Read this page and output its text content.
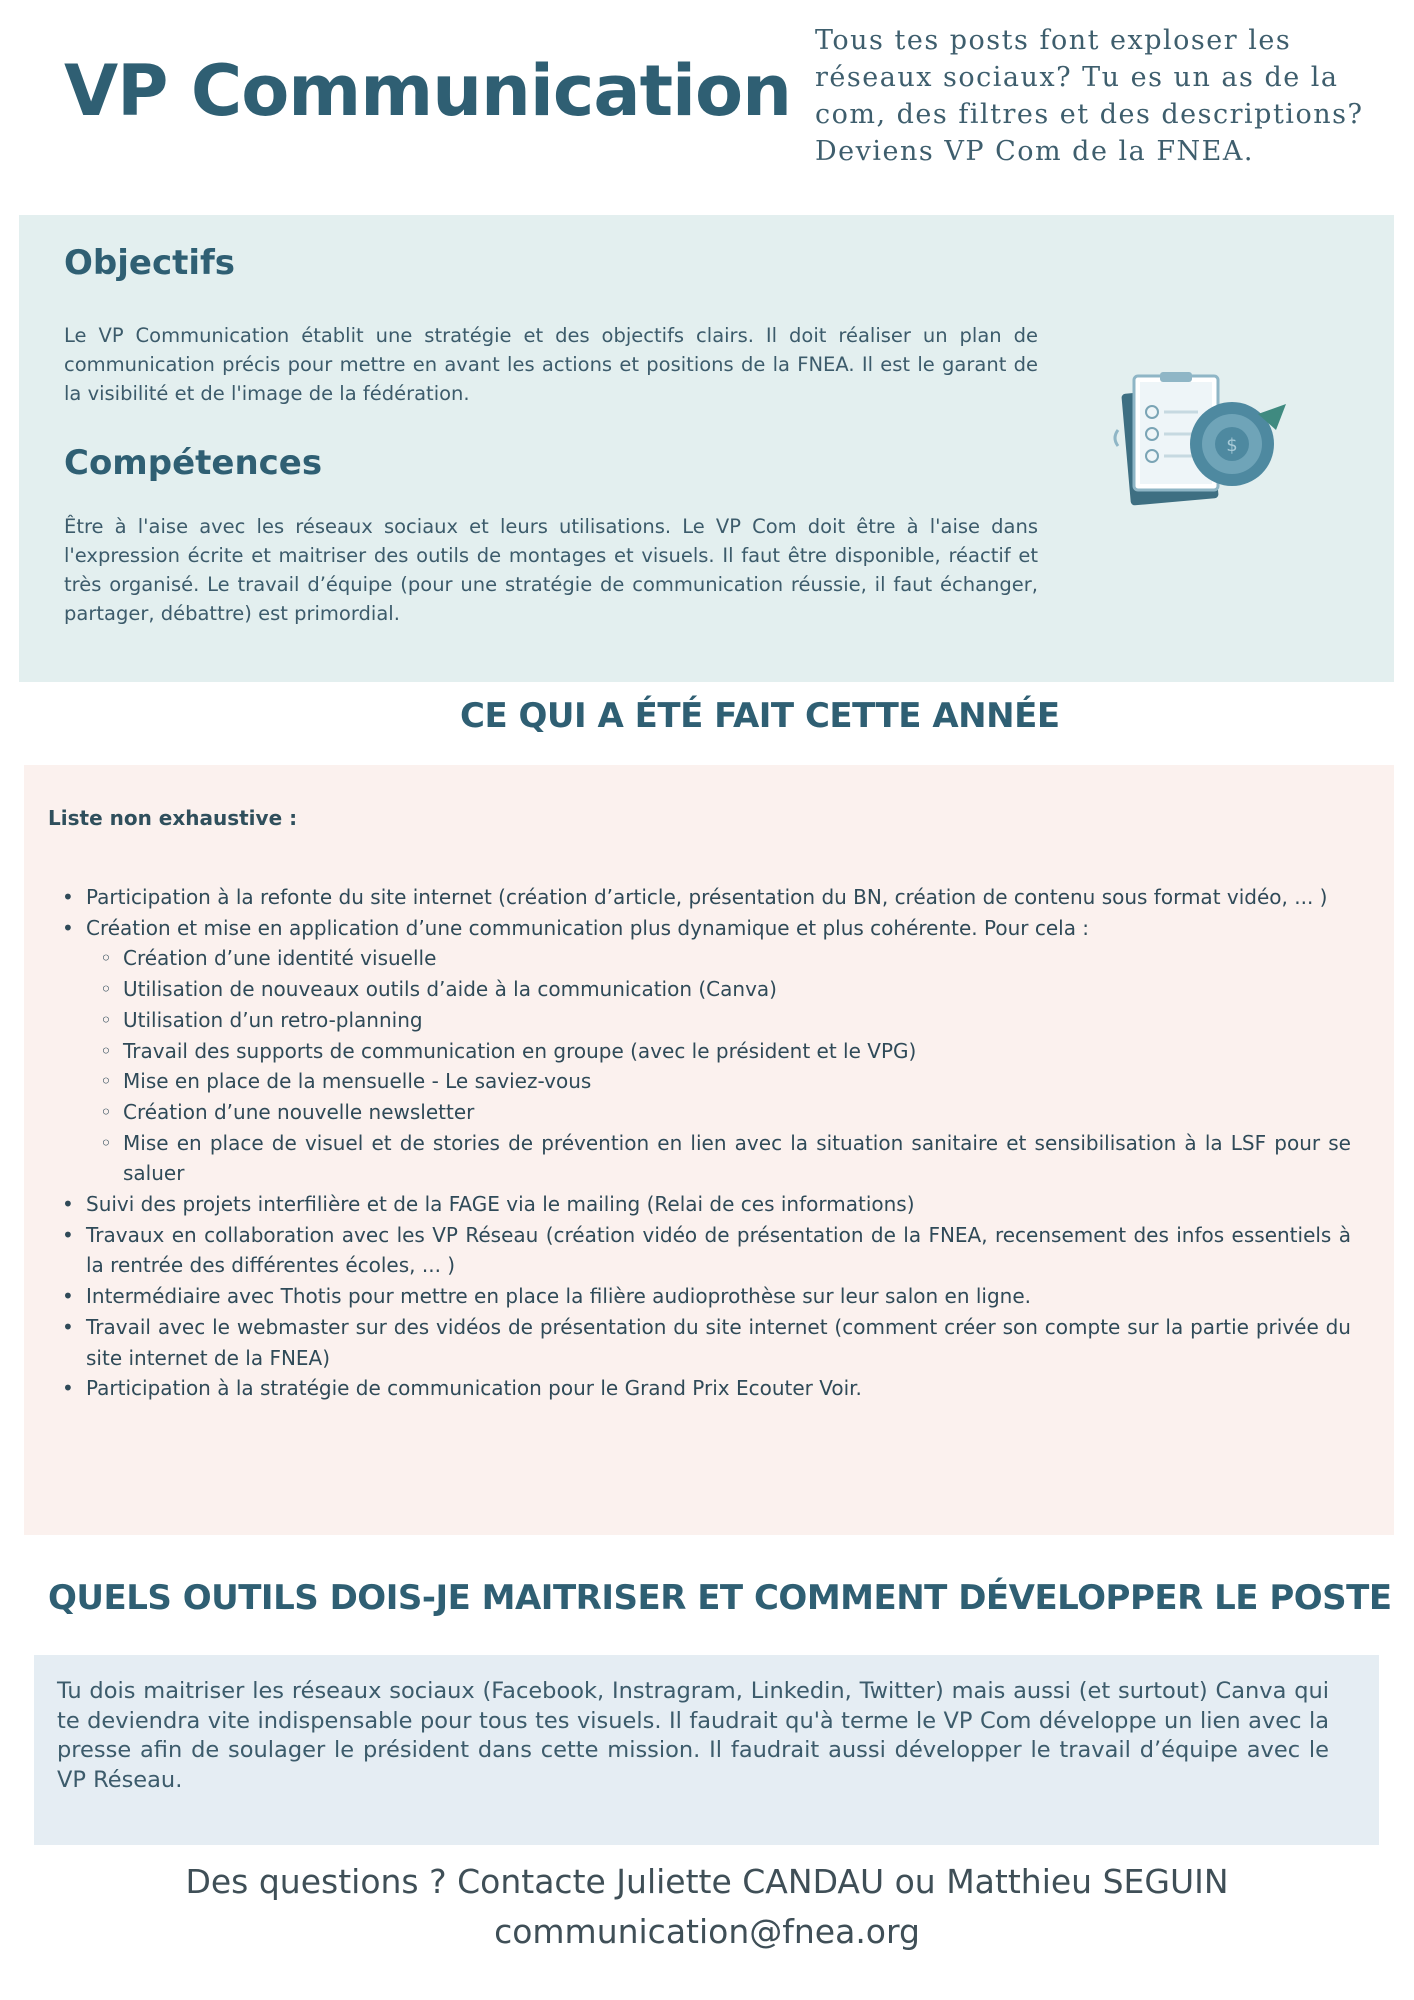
VP Communication
Tous tes posts font exploser les réseaux sociaux? Tu es un as de la com, des filtres et des descriptions? Deviens VP Com de la FNEA.
Objectifs
Le VP Communication établit une stratégie et des objectifs clairs. Il doit réaliser un plan de communication précis pour mettre en avant les actions et positions de la FNEA. Il est le garant de la visibilité et de l'image de la fédération.
Compétences
Être à l'aise avec les réseaux sociaux et leurs utilisations. Le VP Com doit être à l'aise dans l'expression écrite et maitriser des outils de montages et visuels. Il faut être disponible, réactif et très organisé. Le travail d’équipe (pour une stratégie de communication réussie, il faut échanger, partager, débattre) est primordial.
$
CE QUI A ÉTÉ FAIT CETTE ANNÉE
Liste non exhaustive :
• Participation à la refonte du site internet (création d’article, présentation du BN, création de contenu sous format vidéo, ... )
• Création et mise en application d’une communication plus dynamique et plus cohérente. Pour cela :
◦ Création d’une identité visuelle
◦ Utilisation de nouveaux outils d’aide à la communication (Canva)
◦ Utilisation d’un retro-planning
◦ Travail des supports de communication en groupe (avec le président et le VPG)
◦ Mise en place de la mensuelle - Le saviez-vous
◦ Création d’une nouvelle newsletter
◦ Mise en place de visuel et de stories de prévention en lien avec la situation sanitaire et sensibilisation à la LSF pour se saluer
• Suivi des projets interfilière et de la FAGE via le mailing (Relai de ces informations)
• Travaux en collaboration avec les VP Réseau (création vidéo de présentation de la FNEA, recensement des infos essentiels à la rentrée des différentes écoles, ... )
• Intermédiaire avec Thotis pour mettre en place la filière audioprothèse sur leur salon en ligne.
• Travail avec le webmaster sur des vidéos de présentation du site internet (comment créer son compte sur la partie privée du site internet de la FNEA)
• Participation à la stratégie de communication pour le Grand Prix Ecouter Voir.
QUELS OUTILS DOIS-JE MAITRISER ET COMMENT DÉVELOPPER LE POSTE
Tu dois maitriser les réseaux sociaux (Facebook, Instragram, Linkedin, Twitter) mais aussi (et surtout) Canva qui te deviendra vite indispensable pour tous tes visuels. Il faudrait qu'à terme le VP Com développe un lien avec la presse afin de soulager le président dans cette mission. Il faudrait aussi développer le travail d’équipe avec le VP Réseau.
Des questions ? Contacte Juliette CANDAU ou Matthieu SEGUIN
communication@fnea.org
